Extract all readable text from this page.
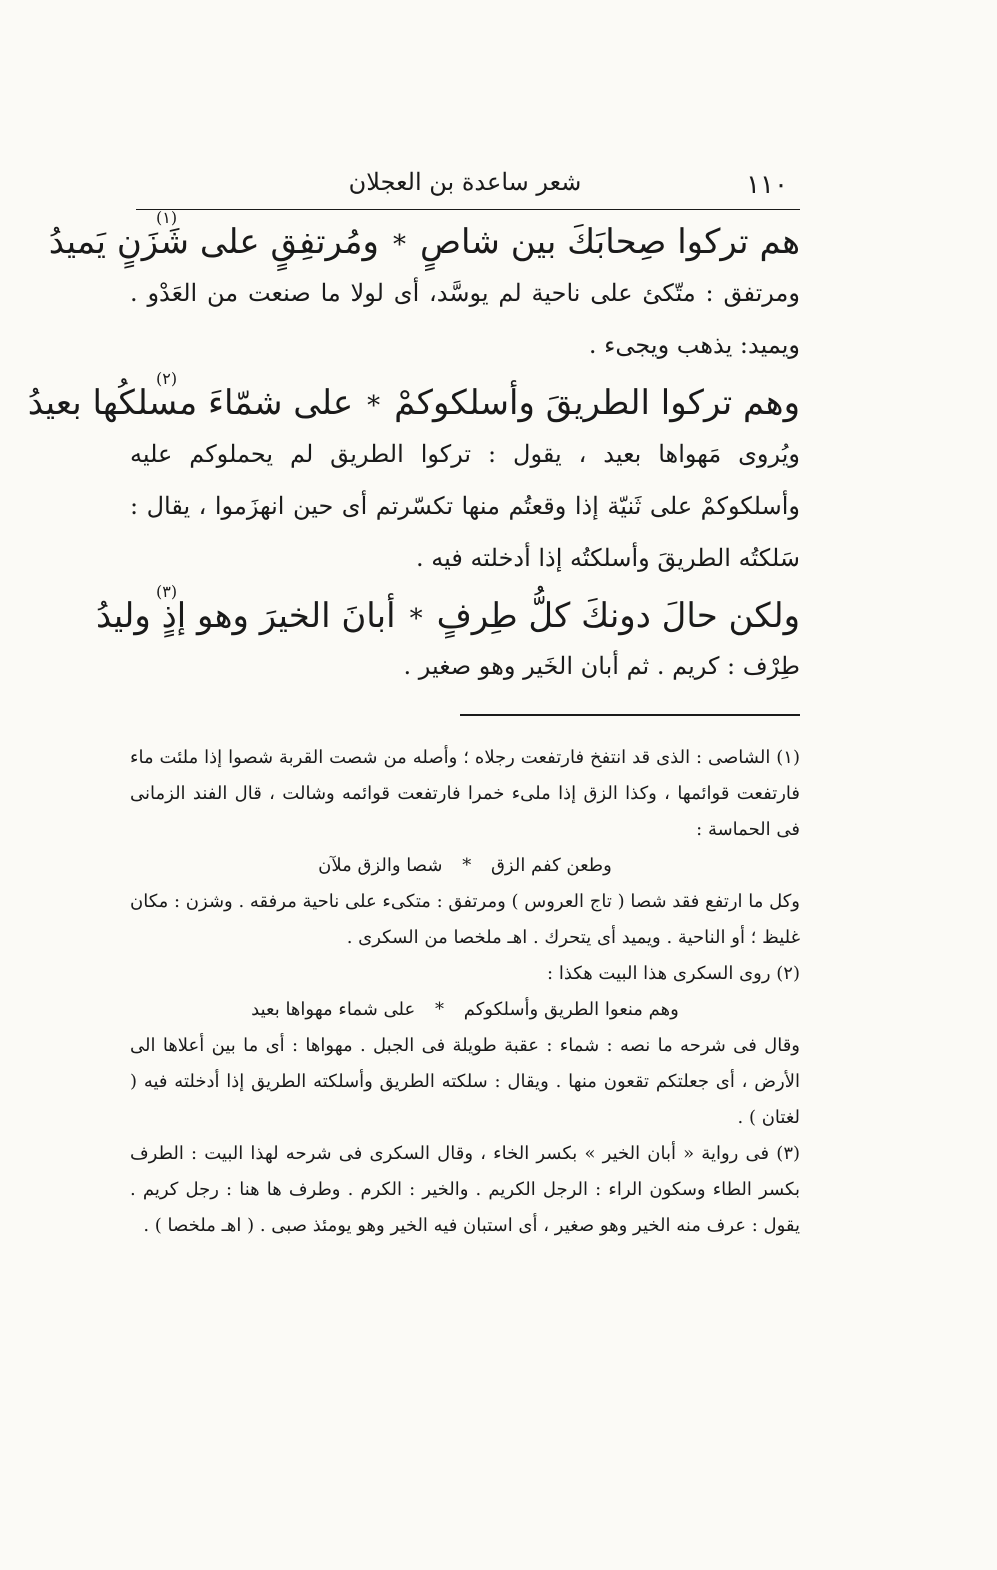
١١٠
شعر ساعدة بن العجلان
(١)
هم تركوا صِحابَكَ بين شاصٍ
*
ومُرتفِقٍ على شَزَنٍ يَميدُ

ومرتفق : متّكئ على ناحية لم يوسَّد، أى لولا ما صنعت من العَدْو . ويميد: يذهب ويجىء .

(٢)
وهم تركوا الطريقَ وأسلكوكمْ
*
على شمّاءَ مسلكُها بعيدُ

ويُروى مَهواها بعيد ، يقول : تركوا الطريق لم يحملوكم عليه وأسلكوكمْ على ثَنيّة إذا وقعتُم منها تكسّرتم أى حين انهزَموا ، يقال : سَلكتُه الطريقَ وأسلكتُه إذا أدخلته فيه .

(٣)
ولكن حالَ دونكَ كلُّ طِرفٍ
*
أبانَ الخيرَ وهو إذٍ وليدُ

طِرْف : كريم . ثم أبان الخَير وهو صغير .

(١) الشاصى : الذى قد انتفخ فارتفعت رجلاه ؛ وأصله من شصت القربة شصوا إذا ملئت ماء فارتفعت قوائمها ، وكذا الزق إذا ملىء خمرا فارتفعت قوائمه وشالت ، قال الفند الزمانى فى الحماسة :

وطعن كفم الزق * شصا والزق ملآن

وكل ما ارتفع فقد شصا ( تاج العروس ) ومرتفق : متكىء على ناحية مرفقه . وشزن : مكان غليظ ؛ أو الناحية . ويميد أى يتحرك . اهـ ملخصا من السكرى .

(٢) روى السكرى هذا البيت هكذا :

وهم منعوا الطريق وأسلكوكم * على شماء مهواها بعيد

وقال فى شرحه ما نصه : شماء : عقبة طويلة فى الجبل . مهواها : أى ما بين أعلاها الى الأرض ، أى جعلتكم تقعون منها . ويقال : سلكته الطريق وأسلكته الطريق إذا أدخلته فيه ( لغتان ) .

(٣) فى رواية « أبان الخير » بكسر الخاء ، وقال السكرى فى شرحه لهذا البيت : الطرف بكسر الطاء وسكون الراء : الرجل الكريم . والخير : الكرم . وطرف ها هنا : رجل كريم . يقول : عرف منه الخير وهو صغير ، أى استبان فيه الخير وهو يومئذ صبى . ( اهـ ملخصا ) .
